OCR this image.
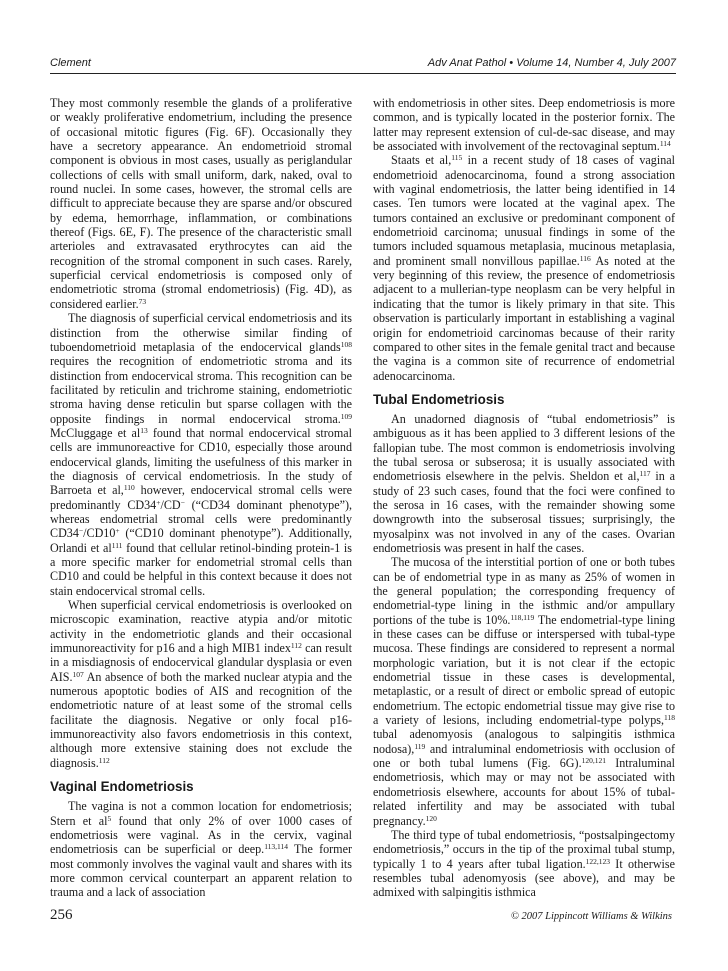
Clement	Adv Anat Pathol • Volume 14, Number 4, July 2007

They most commonly resemble the glands of a proliferative or weakly proliferative endometrium, including the presence of occasional mitotic figures (Fig. 6F). Occasionally they have a secretory appearance. An endometrioid stromal component is obvious in most cases, usually as periglandular collections of cells with small uniform, dark, naked, oval to round nuclei. In some cases, however, the stromal cells are difficult to appreciate because they are sparse and/or obscured by edema, hemorrhage, inflammation, or combinations thereof (Figs. 6E, F). The presence of the characteristic small arterioles and extravasated erythrocytes can aid the recognition of the stromal component in such cases. Rarely, superficial cervical endometriosis is composed only of endometriotic stroma (stromal endometriosis) (Fig. 4D), as considered earlier.$^{73}$

The diagnosis of superficial cervical endometriosis and its distinction from the otherwise similar finding of tuboendometrioid metaplasia of the endocervical glands$^{108}$ requires the recognition of endometriotic stroma and its distinction from endocervical stroma. This recognition can be facilitated by reticulin and trichrome staining, endometriotic stroma having dense reticulin but sparse collagen with the opposite findings in normal endocervical stroma.$^{109}$ McCluggage et $al^{13}$ found that normal endocervical stromal cells are immunoreactive for CD10, especially those around endocervical glands, limiting the usefulness of this marker in the diagnosis of cervical endometriosis. In the study of Barroeta et al,$^{110}$ however, endocervical stromal cells were predominantly CD34+/CD− (“CD34 dominant phenotype”), whereas endometrial stromal cells were predominantly CD34−/CD10+ (“CD10 dominant phenotype”). Additionally, Orlandi et $al^{111}$ found that cellular retinol-binding protein-1 is a more specific marker for endometrial stromal cells than CD10 and could be helpful in this context because it does not stain endocervical stromal cells.

When superficial cervical endometriosis is overlooked on microscopic examination, reactive atypia and/or mitotic activity in the endometriotic glands and their occasional immunoreactivity for p16 and a high MIB1 index$^{112}$ can result in a misdiagnosis of endocervical glandular dysplasia or even AIS.$^{107}$ An absence of both the marked nuclear atypia and the numerous apoptotic bodies of AIS and recognition of the endometriotic nature of at least some of the stromal cells facilitate the diagnosis. Negative or only focal p16-immunoreactivity also favors endometriosis in this context, although more extensive staining does not exclude the diagnosis.$^{112}$

Vaginal Endometriosis

The vagina is not a common location for endometriosis; Stern et $al^5$ found that only 2% of over 1000 cases of endometriosis were vaginal. As in the cervix, vaginal endometriosis can be superficial or deep.$^{113,114}$ The former most commonly involves the vaginal vault and shares with its more common cervical counterpart an apparent relation to trauma and a lack of association

with endometriosis in other sites. Deep endometriosis is more common, and is typically located in the posterior fornix. The latter may represent extension of cul-de-sac disease, and may be associated with involvement of the rectovaginal septum.$^{114}$

Staats et al,$^{115}$ in a recent study of 18 cases of vaginal endometrioid adenocarcinoma, found a strong association with vaginal endometriosis, the latter being identified in 14 cases. Ten tumors were located at the vaginal apex. The tumors contained an exclusive or predominant component of endometrioid carcinoma; unusual findings in some of the tumors included squamous metaplasia, mucinous metaplasia, and prominent small nonvillous papillae.$^{116}$ As noted at the very beginning of this review, the presence of endometriosis adjacent to a mullerian-type neoplasm can be very helpful in indicating that the tumor is likely primary in that site. This observation is particularly important in establishing a vaginal origin for endometrioid carcinomas because of their rarity compared to other sites in the female genital tract and because the vagina is a common site of recurrence of endometrial adenocarcinoma.

Tubal Endometriosis

An unadorned diagnosis of “tubal endometriosis” is ambiguous as it has been applied to 3 different lesions of the fallopian tube. The most common is endometriosis involving the tubal serosa or subserosa; it is usually associated with endometriosis elsewhere in the pelvis. Sheldon et al,$^{117}$ in a study of 23 such cases, found that the foci were confined to the serosa in 16 cases, with the remainder showing some downgrowth into the subserosal tissues; surprisingly, the myosalpinx was not involved in any of the cases. Ovarian endometriosis was present in half the cases.

The mucosa of the interstitial portion of one or both tubes can be of endometrial type in as many as 25% of women in the general population; the corresponding frequency of endometrial-type lining in the isthmic and/or ampullary portions of the tube is 10%.$^{118,119}$ The endometrial-type lining in these cases can be diffuse or interspersed with tubal-type mucosa. These findings are considered to represent a normal morphologic variation, but it is not clear if the ectopic endometrial tissue in these cases is developmental, metaplastic, or a result of direct or embolic spread of eutopic endometrium. The ectopic endometrial tissue may give rise to a variety of lesions, including endometrial-type polyps,$^{118}$ tubal adenomyosis (analogous to salpingitis isthmica nodosa),$^{119}$ and intraluminal endometriosis with occlusion of one or both tubal lumens (Fig. 6G).$^{120,121}$ Intraluminal endometriosis, which may or may not be associated with endometriosis elsewhere, accounts for about 15% of tubal-related infertility and may be associated with tubal pregnancy.$^{120}$

The third type of tubal endometriosis, “postsalpingectomy endometriosis,” occurs in the tip of the proximal tubal stump, typically 1 to 4 years after tubal ligation.$^{122,123}$ It otherwise resembles tubal adenomyosis (see above), and may be admixed with salpingitis isthmica

256	© 2007 Lippincott Williams & Wilkins
